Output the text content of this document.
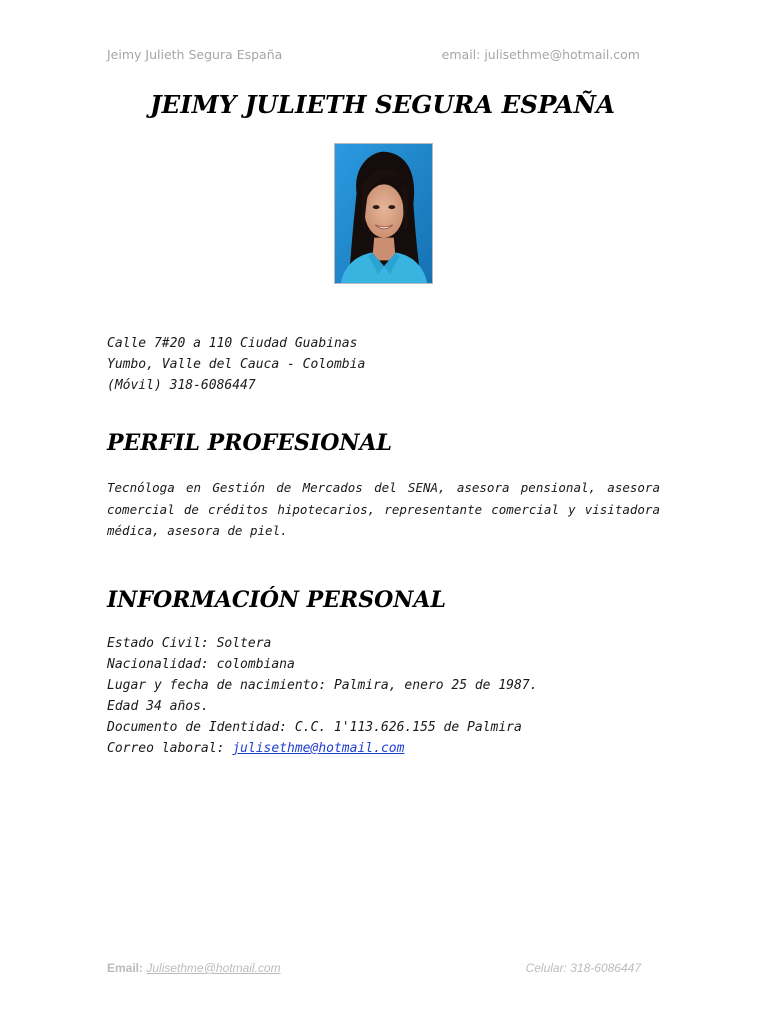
Jeimy Julieth Segura España	email: julisethme@hotmail.com
JEIMY JULIETH SEGURA ESPAÑA
Calle 7#20 a 110 Ciudad Guabinas
Yumbo, Valle del Cauca - Colombia
(Móvil) 318-6086447
PERFIL PROFESIONAL
Tecnóloga en Gestión de Mercados del SENA, asesora pensional, asesora comercial de créditos hipotecarios, representante comercial y visitadora médica, asesora de piel.
INFORMACIÓN PERSONAL
Estado Civil: Soltera
Nacionalidad: colombiana
Lugar y fecha de nacimiento: Palmira, enero 25 de 1987.
Edad 34 años.
Documento de Identidad: C.C. 1'113.626.155 de Palmira
Correo laboral: julisethme@hotmail.com
Email: Julisethme@hotmail.com	Celular: 318-6086447
